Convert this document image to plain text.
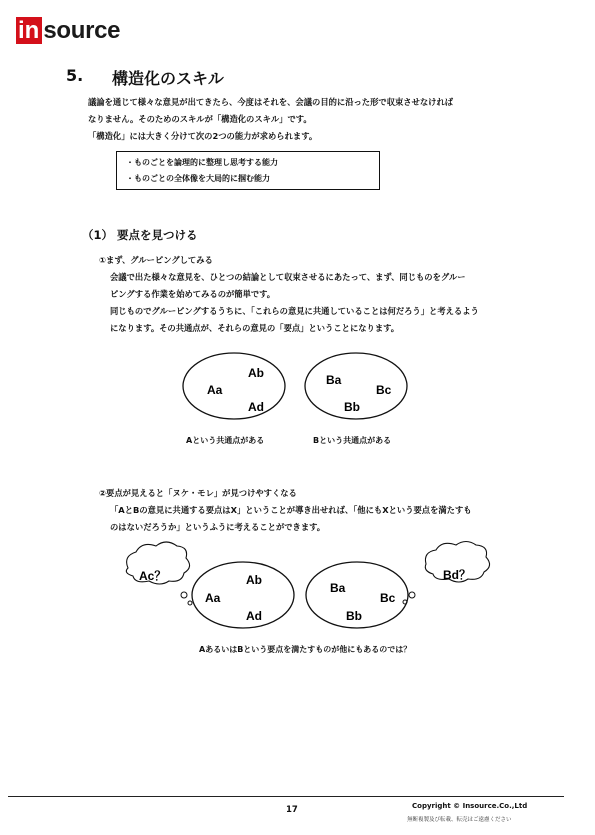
in source
5. 構造化のスキル
議論を通じて様々な意見が出てきたら、今度はそれを、会議の目的に沿った形で収束させなければ
なりません。そのためのスキルが「構造化のスキル」です。
「構造化」には大きく分けて次の2つの能力が求められます。
・ものごとを論理的に整理し思考する能力
・ものごとの全体像を大局的に掴む能力
（1） 要点を見つける
①まず、グルーピングしてみる
会議で出た様々な意見を、ひとつの結論として収束させるにあたって、まず、同じものをグルー
ピングする作業を始めてみるのが簡単です。
同じものでグルーピングするうちに、「これらの意見に共通していることは何だろう」と考えるよう
になります。その共通点が、それらの意見の「要点」ということになります。
Aa
Ab
Ad
Ba
Bc
Bb
Aという共通点がある	Bという共通点がある
②要点が見えると「ヌケ・モレ」が見つけやすくなる
「AとBの意見に共通する要点はX」ということが導き出せれば、「他にもXという要点を満たすも
のはないだろうか」というふうに考えることができます。
Ac？	Bd？
Aa
Ab
Ad
Ba
Bc
Bb
AあるいはBという要点を満たすものが他にもあるのでは？
17	Copyright © Insource.Co.,Ltd
無断複製及び転載、転売はご遠慮ください
